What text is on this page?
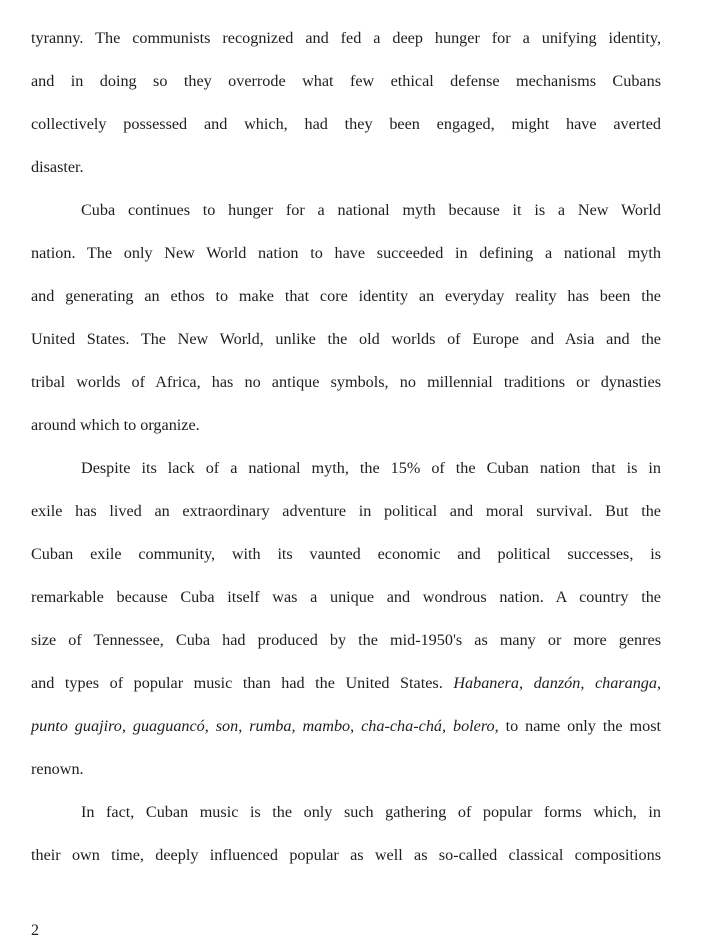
tyranny. The communists recognized and fed a deep hunger for a unifying identity,
and in doing so they overrode what few ethical defense mechanisms Cubans
collectively possessed and which, had they been engaged, might have averted
disaster.
Cuba continues to hunger for a national myth because it is a New World
nation. The only New World nation to have succeeded in defining a national myth
and generating an ethos to make that core identity an everyday reality has been the
United States. The New World, unlike the old worlds of Europe and Asia and the
tribal worlds of Africa, has no antique symbols, no millennial traditions or dynasties
around which to organize.
Despite its lack of a national myth, the 15% of the Cuban nation that is in
exile has lived an extraordinary adventure in political and moral survival. But the
Cuban exile community, with its vaunted economic and political successes, is
remarkable because Cuba itself was a unique and wondrous nation. A country the
size of Tennessee, Cuba had produced by the mid-1950's as many or more genres
and types of popular music than had the United States. Habanera, danzón, charanga,
punto guajiro, guaguancó, son, rumba, mambo, cha-cha-chá, bolero, to name only the most
renown.
In fact, Cuban music is the only such gathering of popular forms which, in
their own time, deeply influenced popular as well as so-called classical compositions
2
